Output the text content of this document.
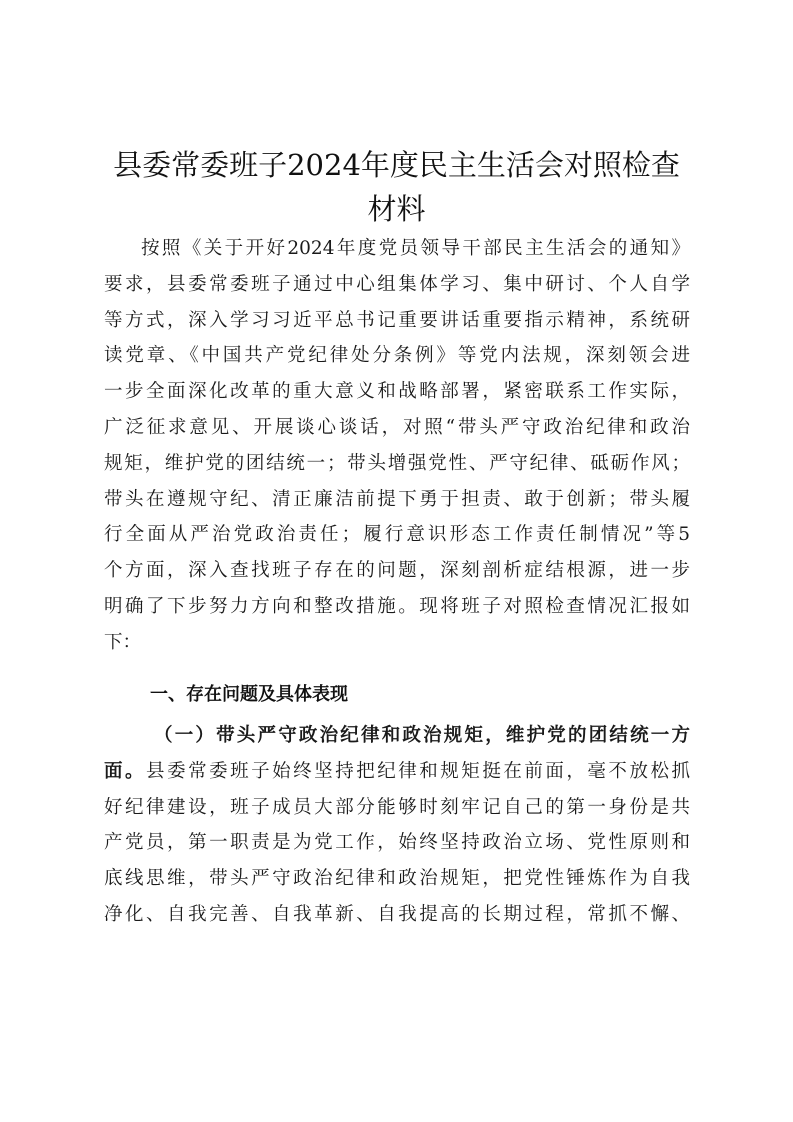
县委常委班子2024年度民主生活会对照检查
材料
按照《关于开好2024年度党员领导干部民主生活会的通知》
要求，县委常委班子通过中心组集体学习、集中研讨、个人自学
等方式，深入学习习近平总书记重要讲话重要指示精神，系统研
读党章、《中国共产党纪律处分条例》等党内法规，深刻领会进
一步全面深化改革的重大意义和战略部署，紧密联系工作实际，
广泛征求意见、开展谈心谈话，对照“带头严守政治纪律和政治
规矩，维护党的团结统一；带头增强党性、严守纪律、砥砺作风；
带头在遵规守纪、清正廉洁前提下勇于担责、敢于创新；带头履
行全面从严治党政治责任；履行意识形态工作责任制情况”等5
个方面，深入查找班子存在的问题，深刻剖析症结根源，进一步
明确了下步努力方向和整改措施。现将班子对照检查情况汇报如
下：
一、存在问题及具体表现
（一）带头严守政治纪律和政治规矩，维护党的团结统一方
面。县委常委班子始终坚持把纪律和规矩挺在前面，毫不放松抓
好纪律建设，班子成员大部分能够时刻牢记自己的第一身份是共
产党员，第一职责是为党工作，始终坚持政治立场、党性原则和
底线思维，带头严守政治纪律和政治规矩，把党性锤炼作为自我
净化、自我完善、自我革新、自我提高的长期过程，常抓不懈、
